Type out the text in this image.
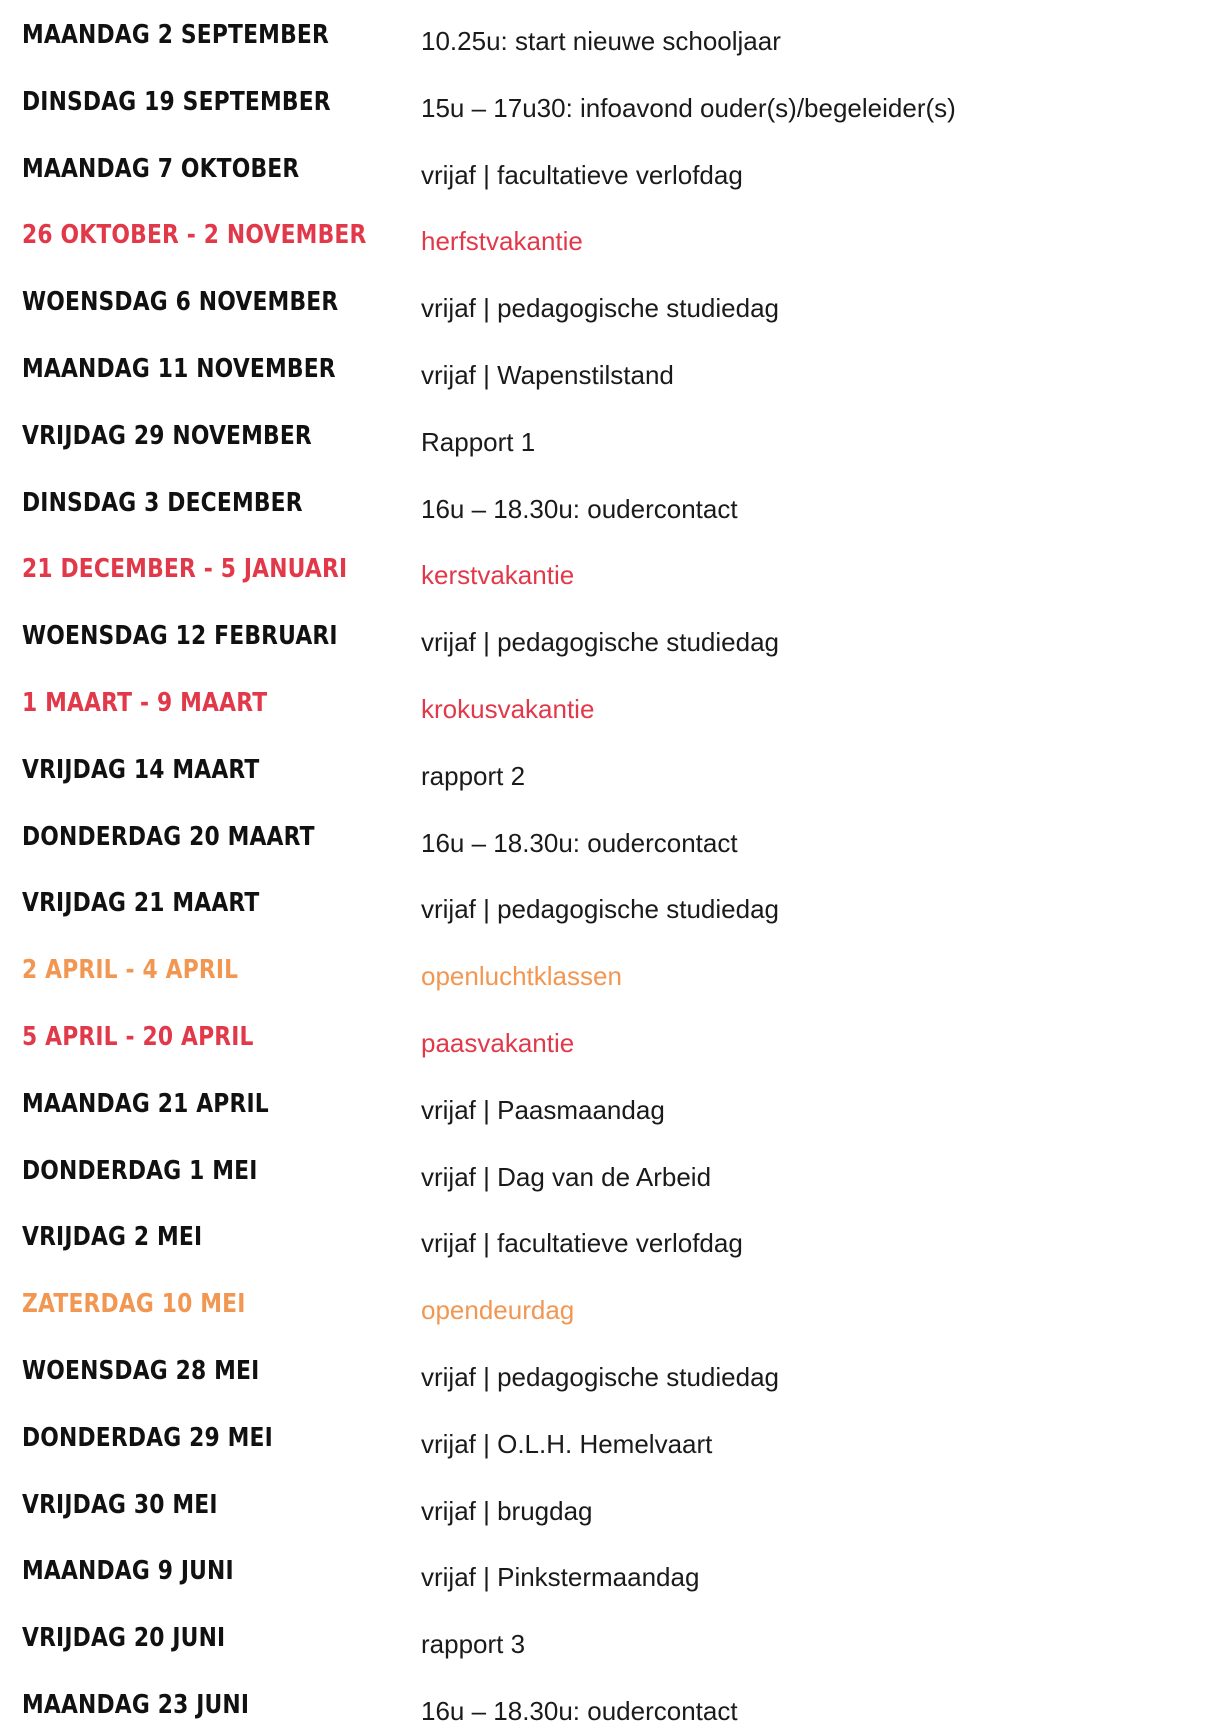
MAANDAG 2 SEPTEMBER	10.25u: start nieuwe schooljaar
DINSDAG 19 SEPTEMBER	15u – 17u30: infoavond ouder(s)/begeleider(s)
MAANDAG 7 OKTOBER	vrijaf | facultatieve verlofdag
26 OKTOBER - 2 NOVEMBER herfstvakantie
WOENSDAG 6 NOVEMBER	vrijaf | pedagogische studiedag
MAANDAG 11 NOVEMBER	vrijaf | Wapenstilstand
VRIJDAG 29 NOVEMBER	Rapport 1
DINSDAG 3 DECEMBER	16u – 18.30u: oudercontact
21 DECEMBER - 5 JANUARI	kerstvakantie
WOENSDAG 12 FEBRUARI	vrijaf | pedagogische studiedag
1 MAART - 9 MAART	krokusvakantie
VRIJDAG 14 MAART	rapport 2
DONDERDAG 20 MAART	16u – 18.30u: oudercontact
VRIJDAG 21 MAART	vrijaf | pedagogische studiedag
2 APRIL - 4 APRIL	openluchtklassen
5 APRIL - 20 APRIL	paasvakantie
MAANDAG 21 APRIL	vrijaf | Paasmaandag
DONDERDAG 1 MEI	vrijaf | Dag van de Arbeid
VRIJDAG 2 MEI	vrijaf | facultatieve verlofdag
ZATERDAG 10 MEI	opendeurdag
WOENSDAG 28 MEI	vrijaf | pedagogische studiedag
DONDERDAG 29 MEI	vrijaf | O.L.H. Hemelvaart
VRIJDAG 30 MEI	vrijaf | brugdag
MAANDAG 9 JUNI	vrijaf | Pinkstermaandag
VRIJDAG 20 JUNI	rapport 3
MAANDAG 23 JUNI	16u – 18.30u: oudercontact
